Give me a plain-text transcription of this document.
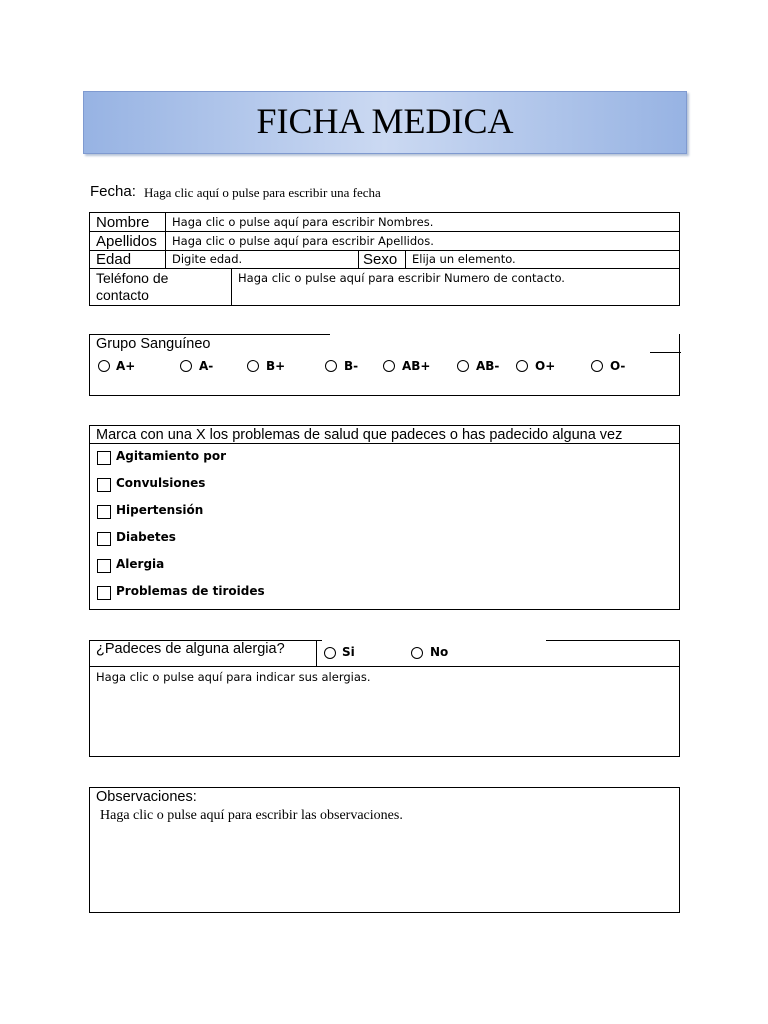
FICHA MEDICA
Fecha: Haga clic aquí o pulse para escribir una fecha
Nombre Haga clic o pulse aquí para escribir Nombres.
Apellidos Haga clic o pulse aquí para escribir Apellidos.
Edad	Digite edad.	Sexo Elija un elemento.
Teléfono de
contacto
Haga clic o pulse aquí para escribir Numero de contacto.
Grupo Sanguíneo
A+	A-	B+	B-	AB+	AB-	O+	O-
Marca con una X los problemas de salud que padeces o has padecido alguna vez
Agitamiento por
Convulsiones
Hipertensión
Diabetes
Alergia
Problemas de tiroides
¿Padeces de alguna alergia?	Si	No
Haga clic o pulse aquí para indicar sus alergias.
Observaciones:
Haga clic o pulse aquí para escribir las observaciones.
